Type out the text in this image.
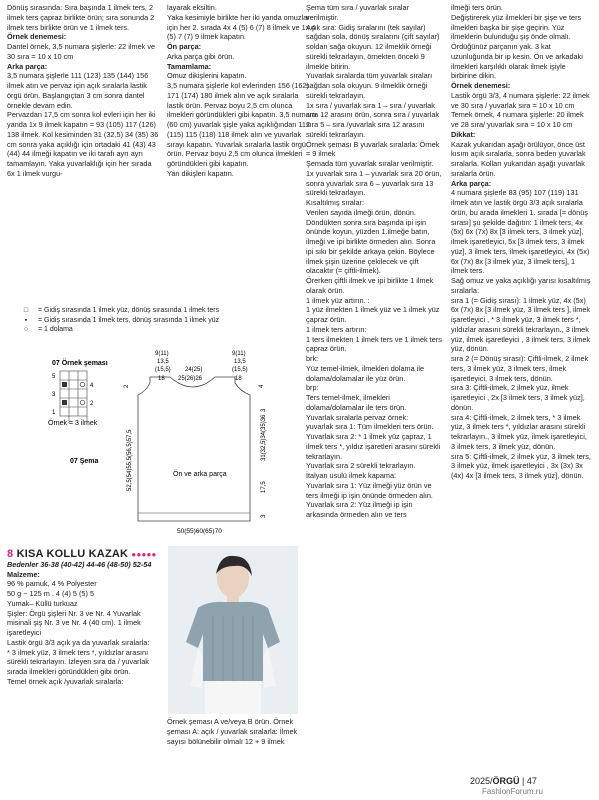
Dönüş sırasında: Sıra başında 1 ilmek ters, 2 ilmek ters çapraz birlikte örün; sıra sonunda 2 ilmek ters birlikte örün ve 1 ilmek ters.

Örnek denemesi:

Dantel örnek, 3,5 numara şişlerle: 22 ilmek ve 30 sıra = 10 x 10 cm

Arka parça:

3,5 numara şişlerle 111 (123) 135 (144) 156 ilmek atın ve pervaz için açık sıralarla lastik örgü örün. Başlangıçtan 3 cm sonra dantel örnekle devam edin.

Pervazdan 17,5 cm sonra kol evleri için her iki yanda 1x 9 ilmek kapatın = 93 (105) 117 (126) 138 ilmek. Kol kesiminden 31 (32,5) 34 (35) 36 cm sonra yaka açıklığı için ortadaki 41 (43) 43 (44) 44 ilmeği kapatın ve iki tarafı ayrı ayrı tamamlayın. Yaka yuvarlaklığı için her sırada 6x 1 ilmek vurgu-

layarak eksiltin.

Yaka kesimiyle birlikte her iki yanda omuzlar için her 2. sırada 4x 4 (5) 6 (7) 8 ilmek ve 1x 4 (5) 7 (7) 9 ilmek kapatın.

Ön parça:

Arka parça gibi örün.

Tamamlama:

Omuz dikişlerini kapatın.

3,5 numara şişlerle kol evlerinden 156 (162) 171 (174) 180 ilmek alın ve açık sıralarla lastik örün. Pervaz boyu 2,5 cm olunca ilmekleri göründükleri gibi kapatın. 3,5 numara (60 cm) yuvarlak şişle yaka açıklığından 112 (115) 115 (118) 118 ilmek alın ve yuvarlak sırayı kapatın. Yuvarlak sıralarla lastik örgü örün. Pervaz boyu 2,5 cm olunca ilmekleri göründükleri gibi kapatın.

Yan dikişleri kapatın.

□	= Gidiş sırasında 1 ilmek yüz, dönüş sırasında 1 ilmek ters
▪	= Gidiş sırasında 1 ilmek ters, dönüş sırasında 1 ilmek yüz
○	= 1 dolama
07 Örnek şeması
5
3
1
4
2
Örnek = 3 ilmek
07 Şema
Ön ve arka parça
9(11)
13,5
(15,5)
18
24(25)
25(26)26
9(11)
13,5
(15,5)
18
2
52,5(54)55,5(56,5)57,5
4
31(32,5)34(35)36
17,5
3
3
50(55)60(65)70

8 KISA KOLLU KAZAK ●●●●●

Bedenler 36-38 (40-42) 44-46 (48-50) 52-54

Malzeme:

96 % pamuk, 4 % Polyester

50 g ~ 125 m . 4 (4) 5 (5) 5

Yumak– Küllü turkuaz

Şişler: Örgü şişleri Nr. 3 ve Nr. 4 Yuvarlak misinali şiş Nr. 3 ve Nr. 4 (40 cm). 1 ilmek işaretleyici

Lastik örgü 3/3 açık ya da yuvarlak sıralarla:

* 3 ilmek yüz, 3 ilmek ters *, yıldızlar arasını sürekli tekrarlayın. İzleyen sıra da / yuvarlak sırada ilmekleri göründükleri gibi örün.

Temel örnek açık /yuvarlak sıralarla:

Örnek şeması A ve/veya B örün. Örnek şeması A: açık / yuvarlak sıralarla: İlmek sayısı bölünebilir olmalı 12 + 9 ilmek

Şema tüm sıra / yuvarlak sıralar verilmiştir.

Açık sıra: Gidiş sıralarını (tek sayılar) sağdan sola, dönüş sıralarını (çift sayılar) soldan sağa okuyun. 12 ilmeklik örneği sürekli tekrarlayın, örnekten önceki 9 ilmekle bitirin.

Yuvarlak sıralarda tüm yuvarlak sıraları sağdan sola okuyun. 9 ilmeklik örneği sürekli tekrarlayın.

1x sıra / yuvarlak sıra 1 – sıra / yuvarlak sıra 12 arasını örün, sonra sıra / yuvarlak sıra 5 – sıra /yuvarlak sıra 12 arasını sürekli tekrarlayın.

Örnek şeması B yuvarlak sıralarla: Örnek = 9 ilmek

Şemada tüm yuvarlak sıralar verilmiştir. 1x yuvarlak sıra 1 – yuvarlak sıra 20 örün, sonra yuvarlak sıra 6 – yuvarlak sıra 13 sürekli tekrarlayın.

Kısaltılmış sıralar:

Verilen sayıda ilmeği örün, dönün. Döndükten sonra sıra başında ipi işin önünde koyun, yüzden 1.ilmeğe batın, ilmeği ve ipi birlikte örmeden alın. Sonra ipi sıkı bir şekilde arkaya çekin. Böylece ilmek şişin üzerine çekilecek ve çift olacaktır (= çiftli-ilmek).

Örerken çiftli ilmek ve ipi birlikte 1 ilmek olarak örün.

1 ilmek yüz artırın. :

1 yüz ilmekten 1 ilmek yüz ve 1 ilmek yüz çapraz örün.

1 ilmek ters artırın:

1 ters ilmekten 1 ilmek ters ve 1 ilmek ters çapraz örün.

brk:

Yüz temel-ilmek, ilmekleri dolama ile dolama/dolamalar ile yüz örün.

brp:

Ters temel-ilmek, ilmekleri dolama/dolamalar ile ters örün.

Yuvarlak sıralarla pervaz örnek:

yuvarlak sıra 1: Tüm ilmekleri ters örün.

Yuvarlak sıra 2: * 1 ilmek yüz çapraz, 1 ilmek ters *, yıldız işaretleri arasını sürekli tekrarlayın.

Yuvarlak sıra 2 sürekli tekrarlayın.

İtalyan usulü ilmek kapama:

Yuvarlak sıra 1: Yüz ilmeği yüz örün ve ters ilmeği ip işin önünde örmeden alın.

Yuvarlak sıra 2: Yüz ilmeği ip işin arkasında örmeden alın ve ters

ilmeği ters örün.

Değiştirerek yüz ilmekleri bir şişe ve ters ilmekleri başka bir şişe geçirin. Yüz ilmeklerin bulunduğu şiş önde olmalı.

Ördüğünüz parçanın yak. 3 kat uzunluğunda bir ip kesin. Ön ve arkadaki ilmekleri karşılıklı olarak ilmek işiyle birbirine dikin.

Örnek denemesi:

Lastik örgü 3/3, 4 numara şişlerle: 22 ilmek ve 30 sıra / yuvarlak sıra = 10 x 10 cm

Temek örnek, 4 numara şişlerle: 20 ilmek ve 28 sıra/ yuvarlak sıra = 10 x 10 cm

Dikkat:

Kazak yukarıdan aşağı örülüyor, önce üst kısım açık sıralarla, sonra beden yuvarlak sıralarla. Kolları yukarıdan aşağı yuvarlak sıralarla örün.

Arka parça:

4 numara şişlerle 83 (95) 107 (119) 131 ilmek atın ve lastik örgü 3/3 açık sıralarla örün, bu arada ilmekleri 1. sırada [= dönüş sırası] şu şekilde dağıtın: 1 ilmek ters, 4x (5x) 6x (7x) 8x [3 ilmek ters, 3 ilmek yüz], ilmek işaretleyici, 5x [3 ilmek ters, 3 ilmek yüz], 3 ilmek ters, ilmek işaretleyici, 4x (5x) 6x (7x) 8x [3 ilmek yüz, 3 ilmek ters], 1 ilmek ters.

Sağ omuz ve yaka açıklığı yarısı kısaltılmış sıralarla:

sıra 1 (= Gidiş sırası): 1 ilmek yüz, 4x (5x) 6x (7x) 8x [3 ilmek yüz, 3 ilmek ters ], ilmek işaretleyici , * 3 ilmek yüz, 3 ilmek ters *, yıldızlar arasını sürekli tekrarlayın., 3 ilmek yüz, ilmek işaretleyici , 3 ilmek ters, 3 ilmek yüz, dönün.

sıra 2 (= Dönüş sırası): Çiftli-ilmek, 2 ilmek ters, 3 ilmek yüz, 3 ilmek ters, ilmek işaretleyici, 3 ilmek ters, dönün.

sıra 3: Çiftli-ilmek, 2 ilmek yüz, ilmek işaretleyici , 2x [3 ilmek ters, 3 ilmek yüz], dönün.

sıra 4: Çiftli-ilmek, 2 ilmek ters, * 3 ilmek yüz, 3 ilmek ters *, yıldızlar arasını sürekli tekrarlayın., 3 ilmek yüz, ilmek işaretleyici, 3 ilmek ters, 3 ilmek yüz, dönün.

sıra 5: Çiftli-ilmek, 2 ilmek yüz, 3 ilmek ters, 3 ilmek yüz, ilmek işaretleyici , 3x (3x) 3x (4x) 4x [3 ilmek ters, 3 ilmek yüz], dönün.

2025/ÖRGÜ | 47
FashionForum.ru
